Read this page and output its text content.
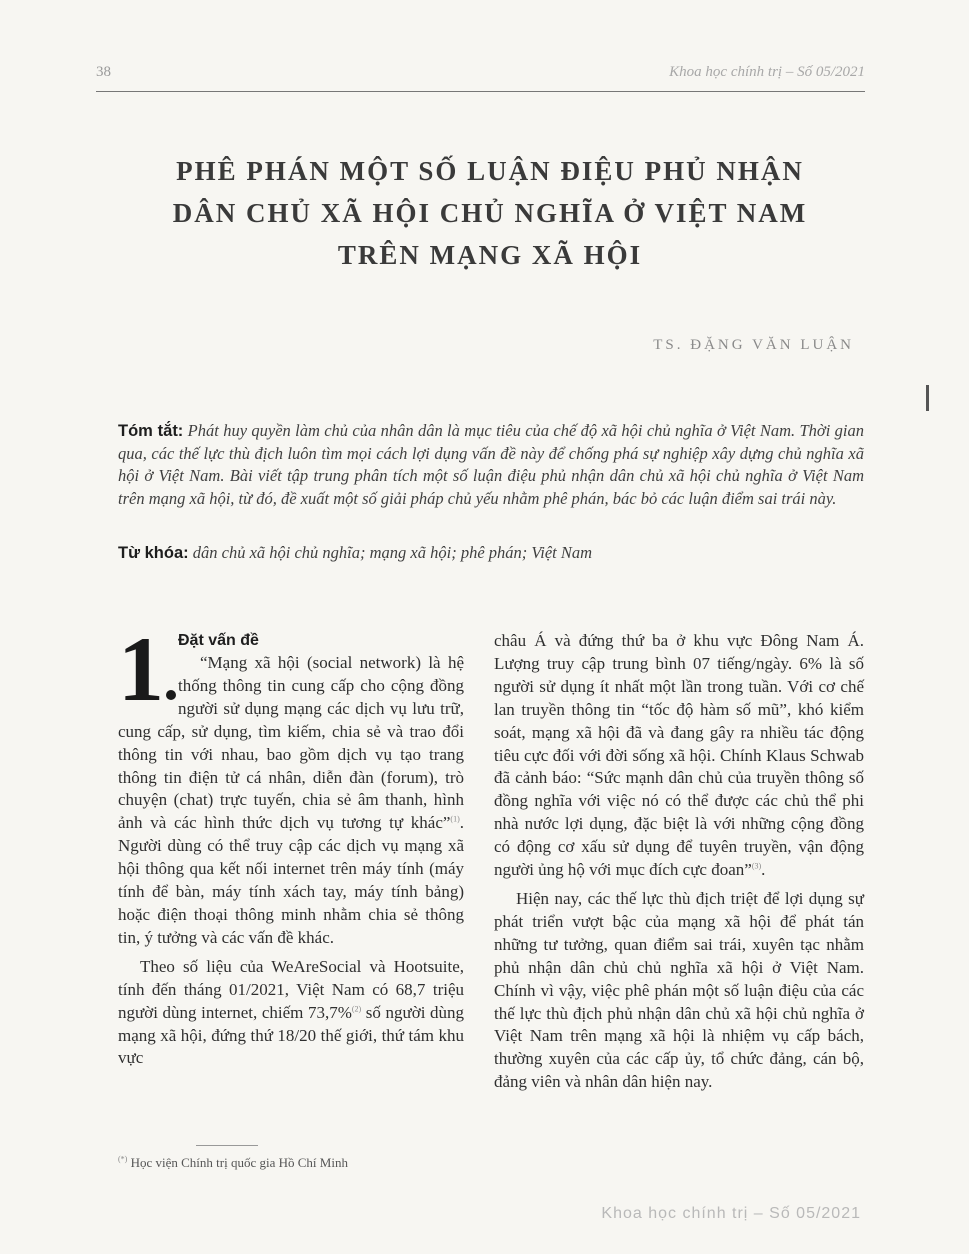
38	Khoa học chính trị – Số 05/2021
PHÊ PHÁN MỘT SỐ LUẬN ĐIỆU PHỦ NHẬN
DÂN CHỦ XÃ HỘI CHỦ NGHĨA Ở VIỆT NAM
TRÊN MẠNG XÃ HỘI
TS. ĐẶNG VĂN LUẬN
Tóm tắt: Phát huy quyền làm chủ của nhân dân là mục tiêu của chế độ xã hội chủ nghĩa ở Việt Nam. Thời gian qua, các thế lực thù địch luôn tìm mọi cách lợi dụng vấn đề này để chống phá sự nghiệp xây dựng chủ nghĩa xã hội ở Việt Nam. Bài viết tập trung phân tích một số luận điệu phủ nhận dân chủ xã hội chủ nghĩa ở Việt Nam trên mạng xã hội, từ đó, đề xuất một số giải pháp chủ yếu nhằm phê phán, bác bỏ các luận điểm sai trái này.
Từ khóa: dân chủ xã hội chủ nghĩa; mạng xã hội; phê phán; Việt Nam
1 Đặt vấn đề

“Mạng xã hội (social network) là hệ thống thông tin cung cấp cho cộng đồng người sử dụng mạng các dịch vụ lưu trữ, cung cấp, sử dụng, tìm kiếm, chia sẻ và trao đổi thông tin với nhau, bao gồm dịch vụ tạo trang thông tin điện tử cá nhân, diễn đàn (forum), trò chuyện (chat) trực tuyến, chia sẻ âm thanh, hình ảnh và các hình thức dịch vụ tương tự khác”$^{(1)}$. Người dùng có thể truy cập các dịch vụ mạng xã hội thông qua kết nối internet trên máy tính (máy tính để bàn, máy tính xách tay, máy tính bảng) hoặc điện thoại thông minh nhằm chia sẻ thông tin, ý tưởng và các vấn đề khác.

Theo số liệu của WeAreSocial và Hootsuite, tính đến tháng 01/2021, Việt Nam có 68,7 triệu người dùng internet, chiếm 73,7%$^{(2)}$ số người dùng mạng xã hội, đứng thứ 18/20 thế giới, thứ tám khu vực

châu Á và đứng thứ ba ở khu vực Đông Nam Á. Lượng truy cập trung bình 07 tiếng/ngày. 6% là số người sử dụng ít nhất một lần trong tuần. Với cơ chế lan truyền thông tin “tốc độ hàm số mũ”, khó kiểm soát, mạng xã hội đã và đang gây ra nhiều tác động tiêu cực đối với đời sống xã hội. Chính Klaus Schwab đã cảnh báo: “Sức mạnh dân chủ của truyền thông số đồng nghĩa với việc nó có thể được các chủ thể phi nhà nước lợi dụng, đặc biệt là với những cộng đồng có động cơ xấu sử dụng để tuyên truyền, vận động người ủng hộ với mục đích cực đoan”$^{(3)}$.

Hiện nay, các thế lực thù địch triệt để lợi dụng sự phát triển vượt bậc của mạng xã hội để phát tán những tư tưởng, quan điểm sai trái, xuyên tạc nhằm phủ nhận dân chủ chủ nghĩa xã hội ở Việt Nam. Chính vì vậy, việc phê phán một số luận điệu của các thế lực thù địch phủ nhận dân chủ xã hội chủ nghĩa ở Việt Nam trên mạng xã hội là nhiệm vụ cấp bách, thường xuyên của các cấp ủy, tổ chức đảng, cán bộ, đảng viên và nhân dân hiện nay.

(*) Học viện Chính trị quốc gia Hồ Chí Minh
Khoa học chính trị – Số 05/2021
